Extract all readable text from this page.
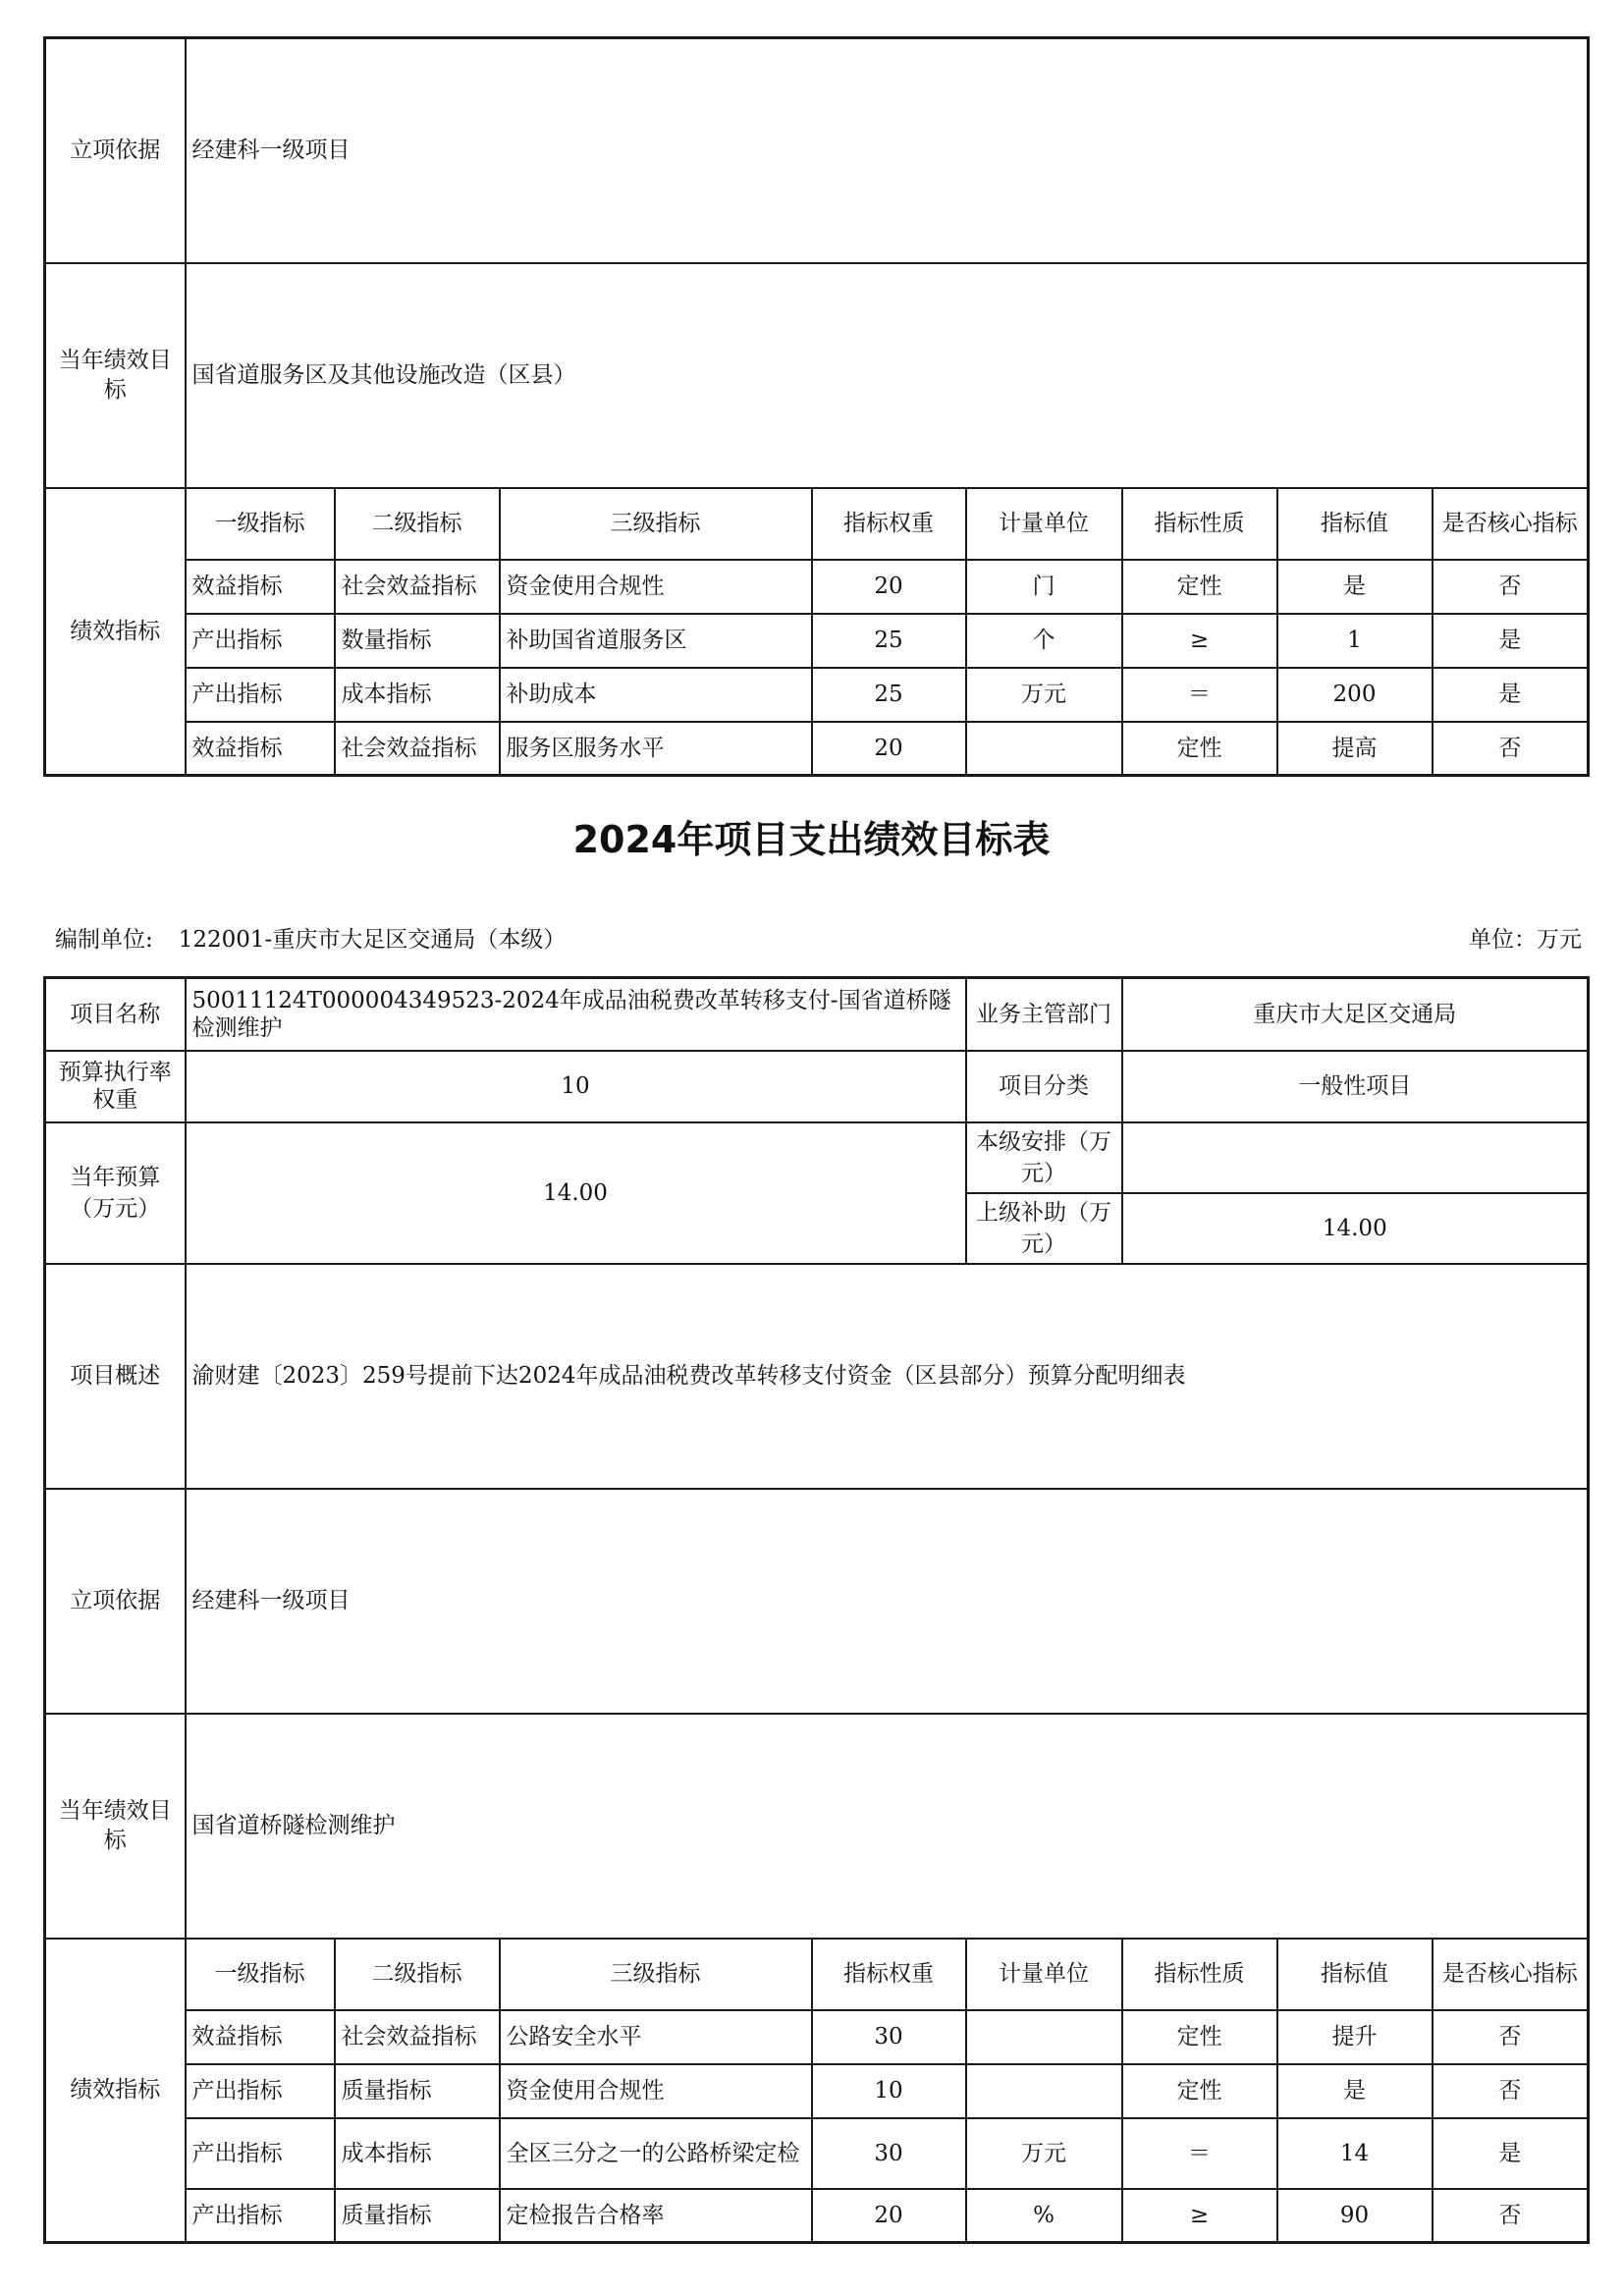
立项依据	经建科一级项目							
当年绩效目标	国省道服务区及其他设施改造（区县）							
绩效指标	一级指标	二级指标	三级指标	指标权重	计量单位	指标性质	指标值	是否核心指标
	效益指标	社会效益指标	资金使用合规性	20	门	定性	是	否
	产出指标	数量指标	补助国省道服务区	25	个	≥	1	是
	产出指标	成本指标	补助成本	25	万元	＝	200	是
	效益指标	社会效益指标	服务区服务水平	20		定性	提高	否
2024年项目支出绩效目标表
编制单位: 122001-重庆市大足区交通局（本级）	单位：万元
项目名称	50011124T000004349523-2024年成品油税费改革转移支付-国省道桥隧检测维护				业务主管部门	重庆市大足区交通局		
预算执行率权重	10				项目分类	一般性项目		
当年预算（万元）	14.00				本级安排（万元）			
					上级补助（万元）	14.00		
项目概述	渝财建〔2023〕259号提前下达2024年成品油税费改革转移支付资金（区县部分）预算分配明细表							
立项依据	经建科一级项目							
当年绩效目标	国省道桥隧检测维护							
绩效指标	一级指标	二级指标	三级指标	指标权重	计量单位	指标性质	指标值	是否核心指标
	效益指标	社会效益指标	公路安全水平	30		定性	提升	否
	产出指标	质量指标	资金使用合规性	10		定性	是	否
	产出指标	成本指标	全区三分之一的公路桥梁定检	30	万元	＝	14	是
	产出指标	质量指标	定检报告合格率	20	%	≥	90	否
